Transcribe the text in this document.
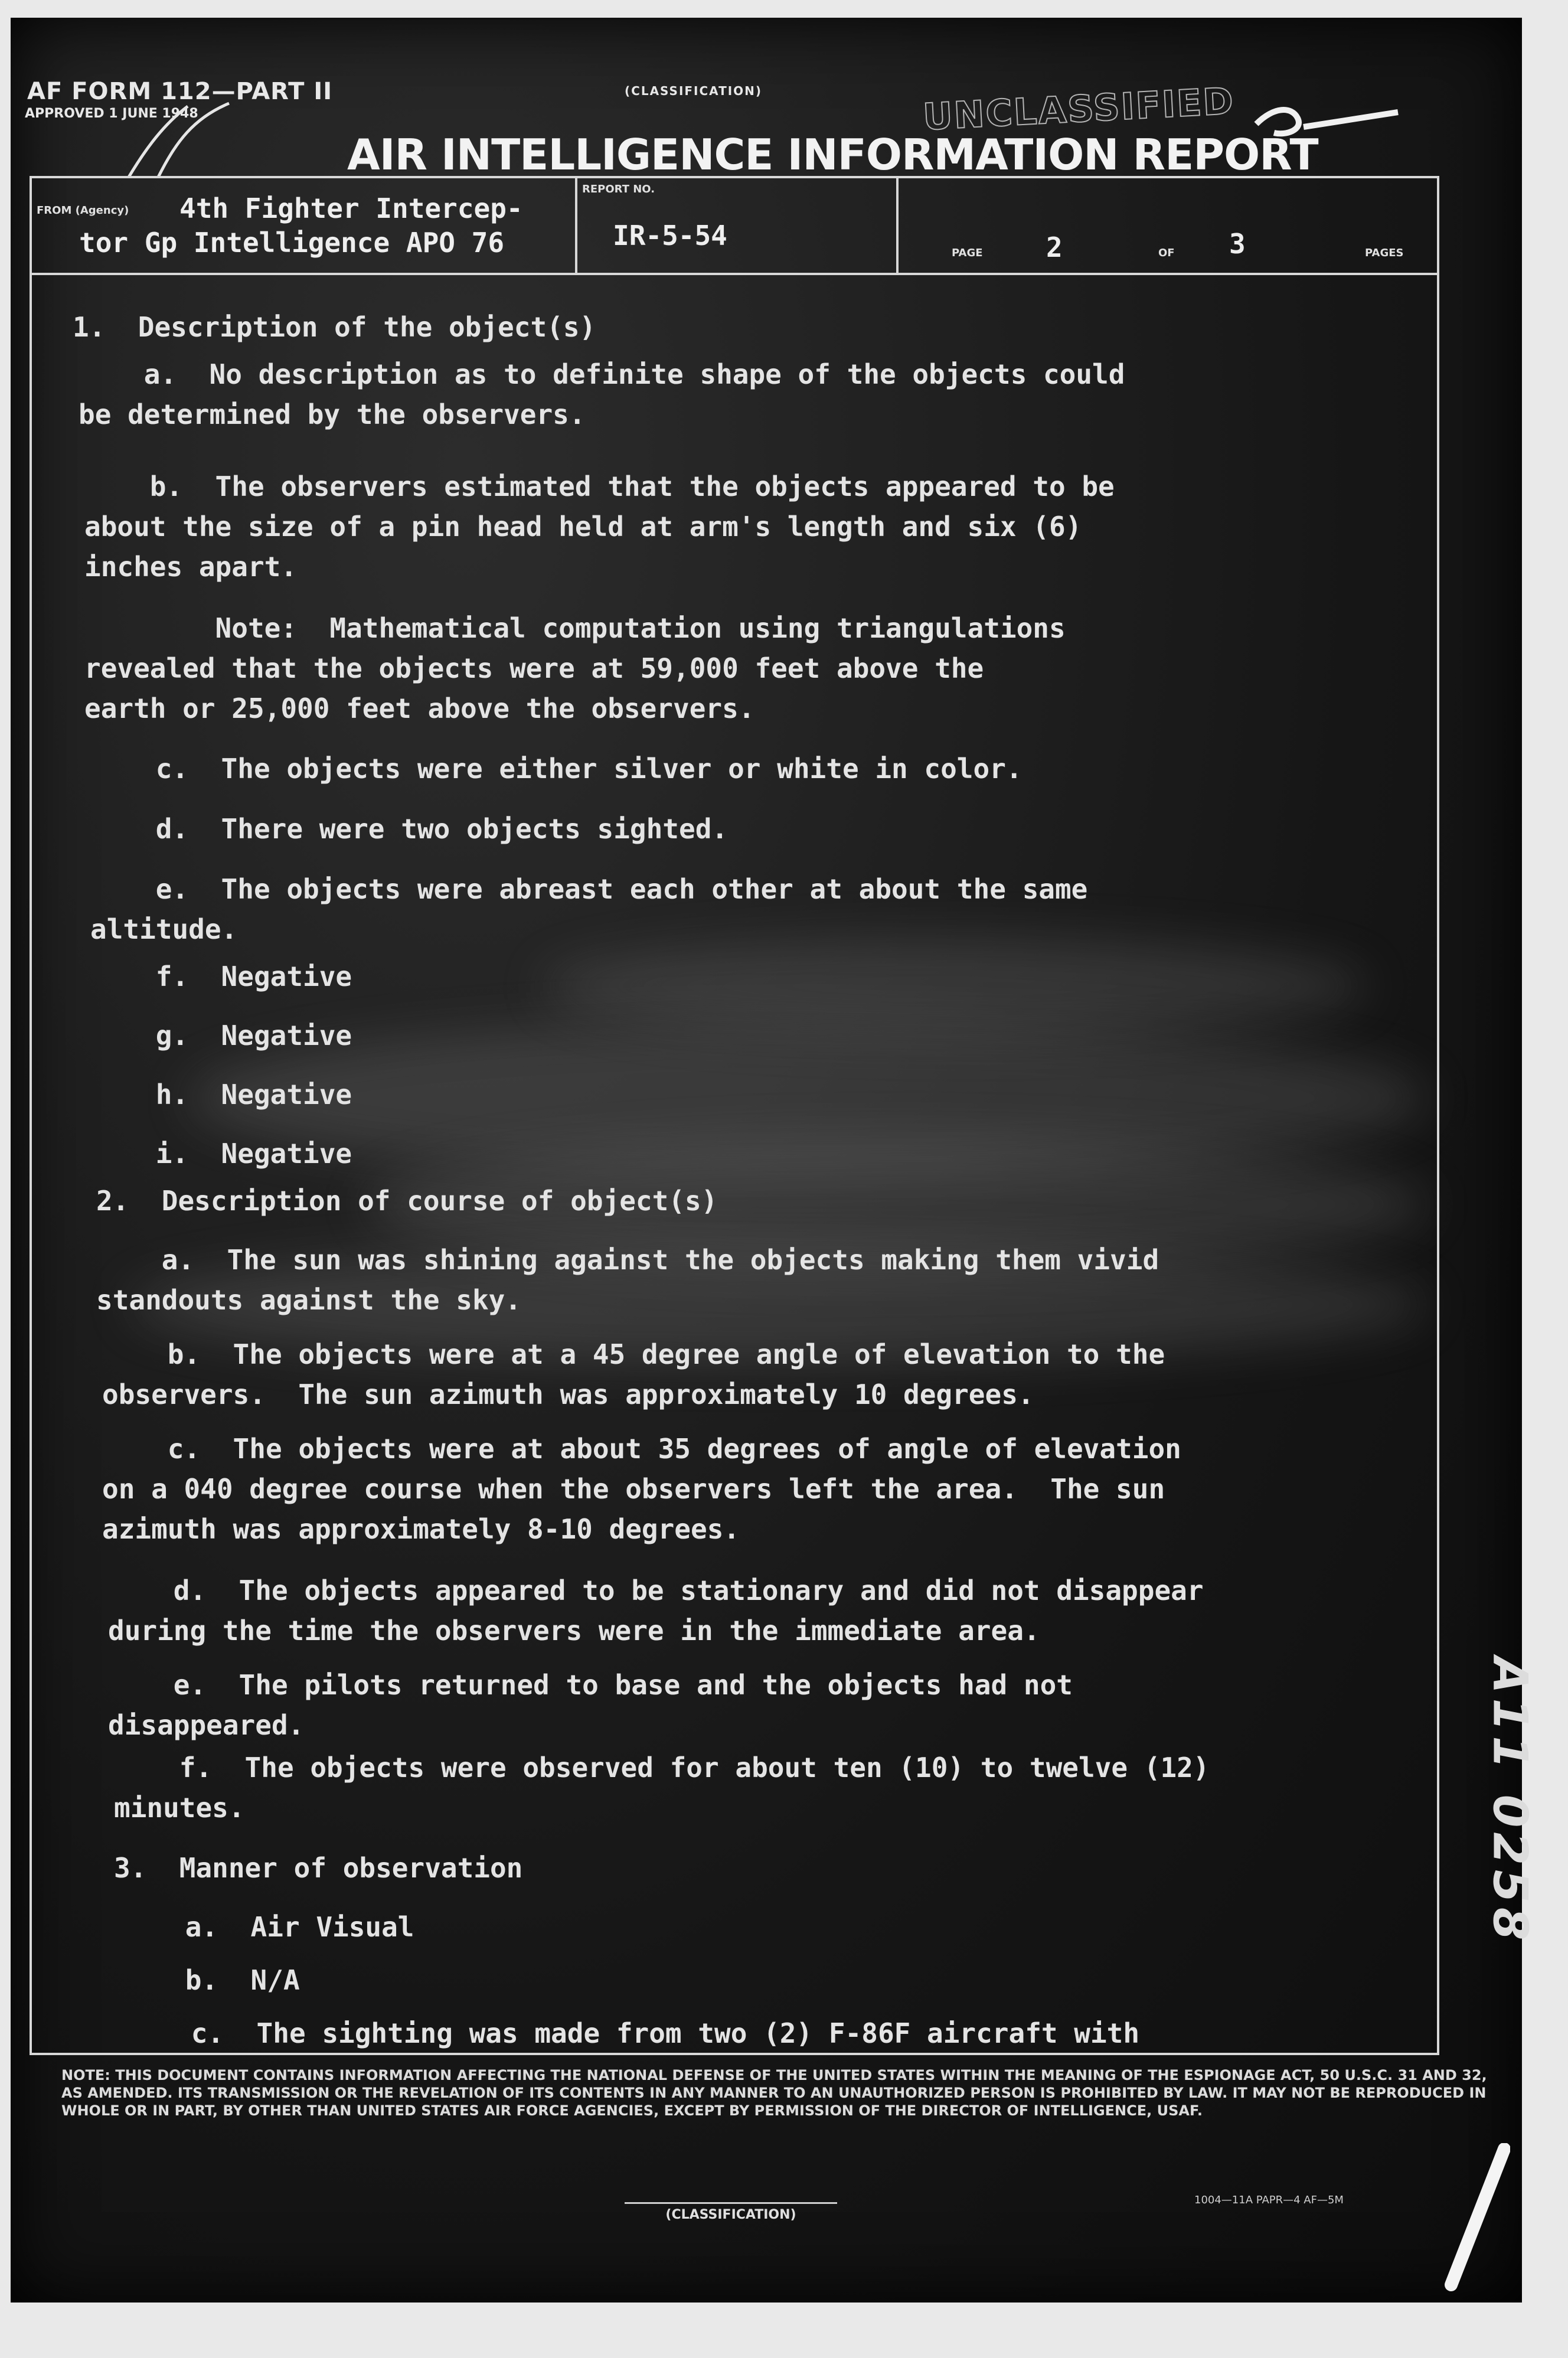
AF FORM 112—PART II
APPROVED 1 JUNE 1948
(CLASSIFICATION)	UNCLASSIFIED
AIR INTELLIGENCE INFORMATION REPORT
FROM (Agency) 4th Fighter Intercep-
tor Gp Intelligence APO 76
REPORT NO.
IR-5-54
PAGE 2	OF 3	PAGES
1.  Description of the object(s)
a.  No description as to definite shape of the objects could
be determined by the observers.
b.  The observers estimated that the objects appeared to be
about the size of a pin head held at arm's length and six (6)
inches apart.
Note:  Mathematical computation using triangulations
revealed that the objects were at 59,000 feet above the
earth or 25,000 feet above the observers.
c.  The objects were either silver or white in color.
d.  There were two objects sighted.
e.  The objects were abreast each other at about the same
altitude.
f.  Negative
g.  Negative
h.  Negative
i.  Negative
2.  Description of course of object(s)
a.  The sun was shining against the objects making them vivid
standouts against the sky.
b.  The objects were at a 45 degree angle of elevation to the
observers.  The sun azimuth was approximately 10 degrees.
c.  The objects were at about 35 degrees of angle of elevation
on a 040 degree course when the observers left the area.  The sun
azimuth was approximately 8-10 degrees.
d.  The objects appeared to be stationary and did not disappear
during the time the observers were in the immediate area.
e.  The pilots returned to base and the objects had not
disappeared.
f.  The objects were observed for about ten (10) to twelve (12)
minutes.
3.  Manner of observation
a.  Air Visual
b.  N/A
c.  The sighting was made from two (2) F-86F aircraft with
A11 0258
NOTE: THIS DOCUMENT CONTAINS INFORMATION AFFECTING THE NATIONAL DEFENSE OF THE UNITED STATES WITHIN THE MEANING OF THE ESPIONAGE ACT, 50 U.S.C. 31 AND 32, AS AMENDED. ITS TRANSMISSION OR THE REVELATION OF ITS CONTENTS IN ANY MANNER TO AN UNAUTHORIZED PERSON IS PROHIBITED BY LAW. IT MAY NOT BE REPRODUCED IN WHOLE OR IN PART, BY OTHER THAN UNITED STATES AIR FORCE AGENCIES, EXCEPT BY PERMISSION OF THE DIRECTOR OF INTELLIGENCE, USAF.
(CLASSIFICATION)
1004—11A PAPR—4 AF—5M
